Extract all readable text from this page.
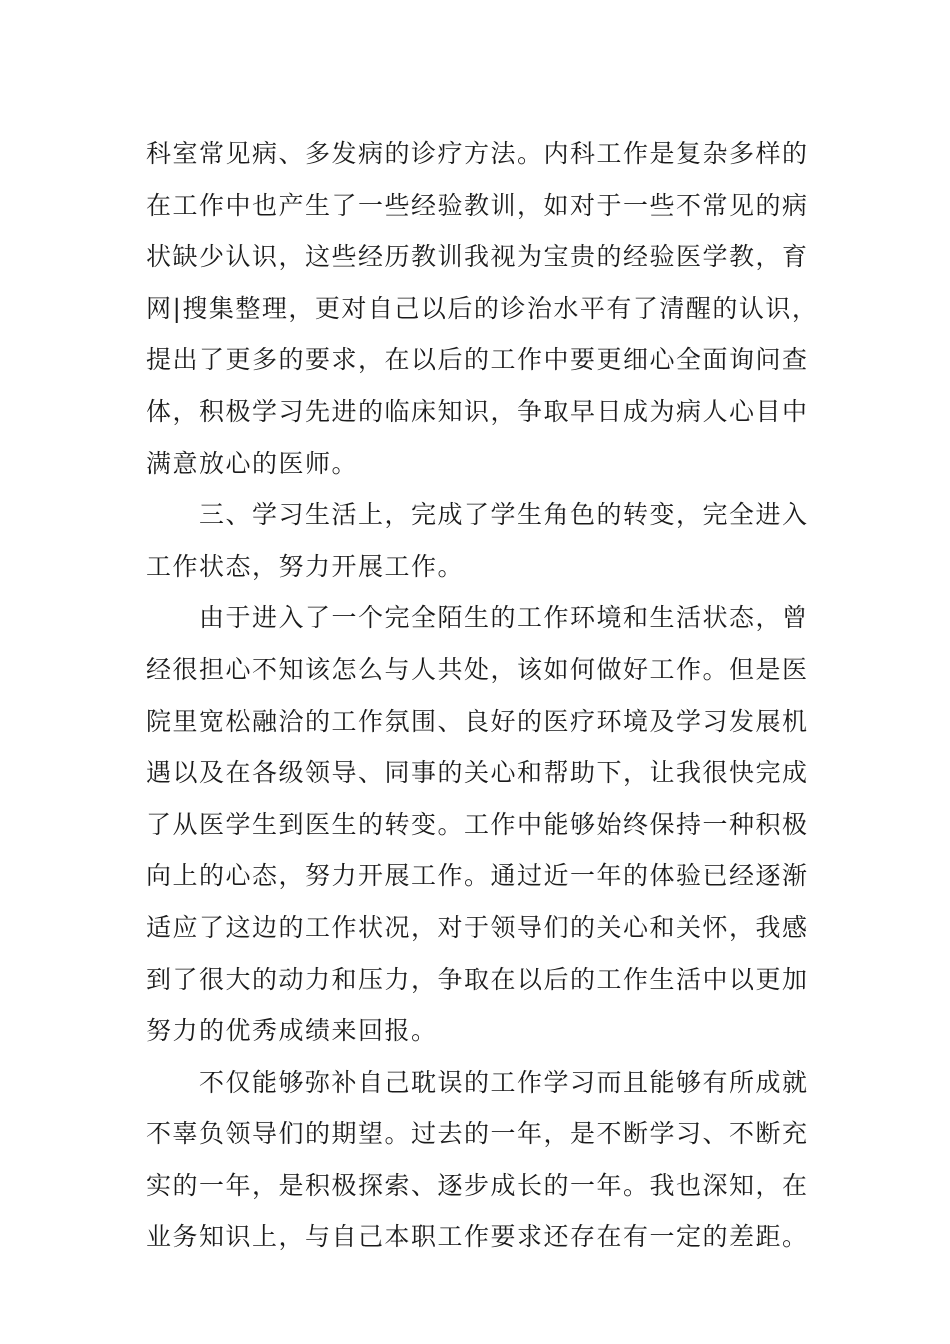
科室常见病、多发病的诊疗方法。内科工作是复杂多样的
在工作中也产生了一些经验教训，如对于一些不常见的病
状缺少认识，这些经历教训我视为宝贵的经验医学教，育
网|搜集整理，更对自己以后的诊治水平有了清醒的认识，
提出了更多的要求，在以后的工作中要更细心全面询问查
体，积极学习先进的临床知识，争取早日成为病人心目中
满意放心的医师。
三、学习生活上，完成了学生角色的转变，完全进入
工作状态，努力开展工作。
由于进入了一个完全陌生的工作环境和生活状态，曾
经很担心不知该怎么与人共处，该如何做好工作。但是医
院里宽松融洽的工作氛围、良好的医疗环境及学习发展机
遇以及在各级领导、同事的关心和帮助下，让我很快完成
了从医学生到医生的转变。工作中能够始终保持一种积极
向上的心态，努力开展工作。通过近一年的体验已经逐渐
适应了这边的工作状况，对于领导们的关心和关怀，我感
到了很大的动力和压力，争取在以后的工作生活中以更加
努力的优秀成绩来回报。
不仅能够弥补自己耽误的工作学习而且能够有所成就
不辜负领导们的期望。过去的一年，是不断学习、不断充
实的一年，是积极探索、逐步成长的一年。我也深知，在
业务知识上，与自己本职工作要求还存在有一定的差距。
